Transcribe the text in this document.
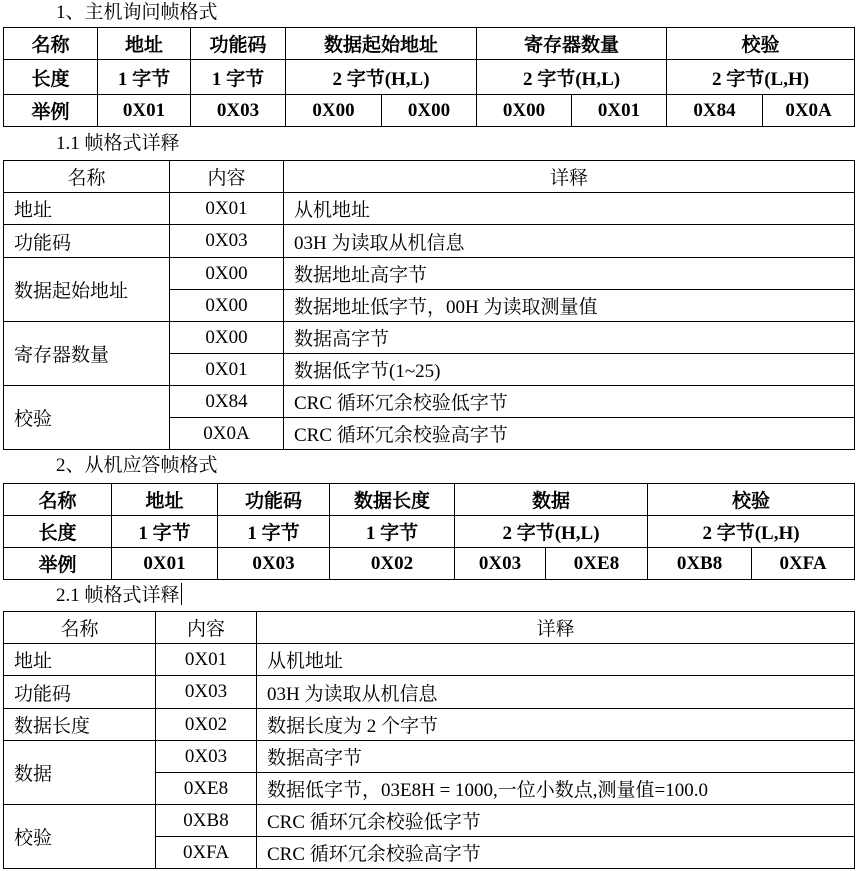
1、主机询问帧格式
名称	地址	功能码	数据起始地址		寄存器数量		校验	
长度	1 字节	1 字节	2 字节(H,L)		2 字节(H,L)		2 字节(L,H)	
举例	0X01	0X03	0X00	0X00	0X00	0X01	0X84	0X0A
1.1 帧格式详释
名称	内容	详释
地址	0X01	从机地址
功能码	0X03	03H 为读取从机信息
数据起始地址	0X00	数据地址高字节
	0X00	数据地址低字节，00H 为读取测量值
寄存器数量	0X00	数据高字节
	0X01	数据低字节(1~25)
校验	0X84	CRC 循环冗余校验低字节
	0X0A	CRC 循环冗余校验高字节
2、从机应答帧格式
名称	地址	功能码	数据长度	数据		校验	
长度	1 字节	1 字节	1 字节	2 字节(H,L)		2 字节(L,H)	
举例	0X01	0X03	0X02	0X03	0XE8	0XB8	0XFA
2.1 帧格式详释
名称	内容	详释
地址	0X01	从机地址
功能码	0X03	03H 为读取从机信息
数据长度	0X02	数据长度为 2 个字节
数据	0X03	数据高字节
	0XE8	数据低字节，03E8H = 1000,一位小数点,测量值=100.0
校验	0XB8	CRC 循环冗余校验低字节
	0XFA	CRC 循环冗余校验高字节
